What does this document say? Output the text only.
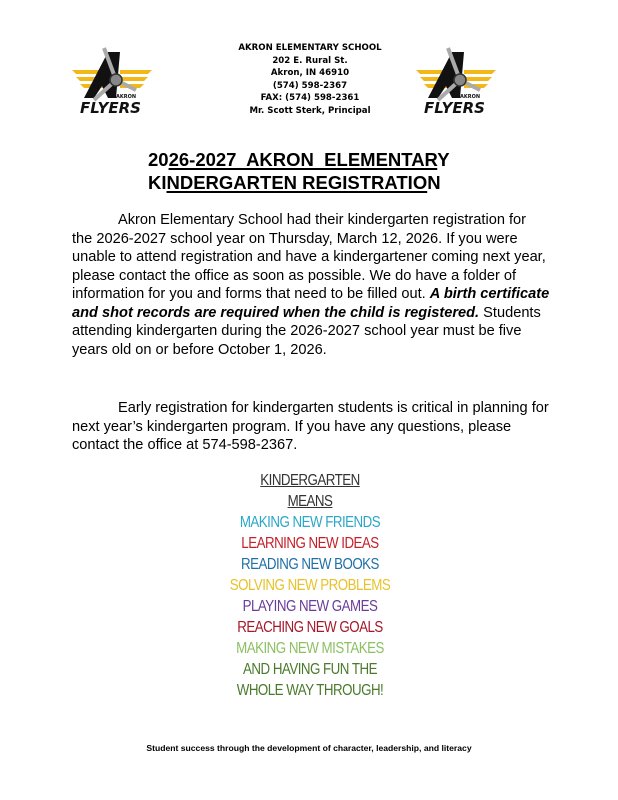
AKRON
FLYERS
AKRON ELEMENTARY SCHOOL
202 E. Rural St.
Akron, IN 46910
(574) 598-2367
FAX: (574) 598-2361
Mr. Scott Sterk, Principal
AKRON
FLYERS
2026-2027  AKRON  ELEMENTARY
KINDERGARTEN REGISTRATION
Akron Elementary School had their kindergarten registration for the 2026-2027 school year on Thursday, March 12, 2026. If you were unable to attend registration and have a kindergartener coming next year, please contact the office as soon as possible. We do have a folder of information for you and forms that need to be filled out. A birth certificate and shot records are required when the child is registered. Students attending kindergarten during the 2026-2027 school year must be five years old on or before October 1, 2026.
Early registration for kindergarten students is critical in planning for next year’s kindergarten program. If you have any questions, please contact the office at 574-598-2367.
KINDERGARTEN
MEANS
MAKING NEW FRIENDS
LEARNING NEW IDEAS
READING NEW BOOKS
SOLVING NEW PROBLEMS
PLAYING NEW GAMES
REACHING NEW GOALS
MAKING NEW MISTAKES
AND HAVING FUN THE
WHOLE WAY THROUGH!
Student success through the development of character, leadership, and literacy
